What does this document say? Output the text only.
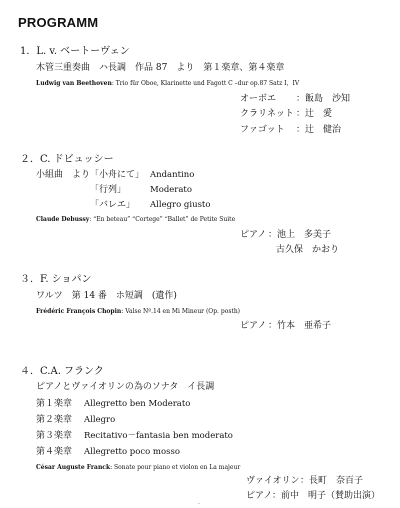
PROGRAMM
1．L. v. ベートーヴェン
木管三重奏曲　ハ長調　作品 87　より　第１楽章、第４楽章
Ludwig van Beethoven: Trio für Oboe, Klarinette und Fagott C –dur op.87 Satz I，IV
オーボエ ：飯島　沙知
クラリネット ：辻　愛
ファゴット ：辻　健治
２．C. ドビュッシー
小組曲　より「小舟にて」 Andantino
「行列」	Moderato
「バレエ」 Allegro giusto
Claude Debussy: “En beteau” “Cortege” “Ballet” de Petite Suite
ピアノ ：池上　多美子
古久保　かおり
３．F. ショパン
ワルツ　第 14 番　ホ短調　(遺作)
Frédéric François Chopin: Valse Nº.14 en Mi Mineur (Op. posth)
ピアノ ：竹本　亜希子
４．C.A. フランク
ピアノとヴァイオリンの為のソナタ　イ長調
第１楽章 Allegretto ben Moderato
第２楽章 Allegro
第３楽章 Recitativo－fantasia ben moderato
第４楽章 Allegretto poco mosso
César Auguste Franck: Sonate pour piano et violon en La majeur
ヴァイオリン ：長町　奈百子
ピアノ ：前中　明子（賛助出演）
-
